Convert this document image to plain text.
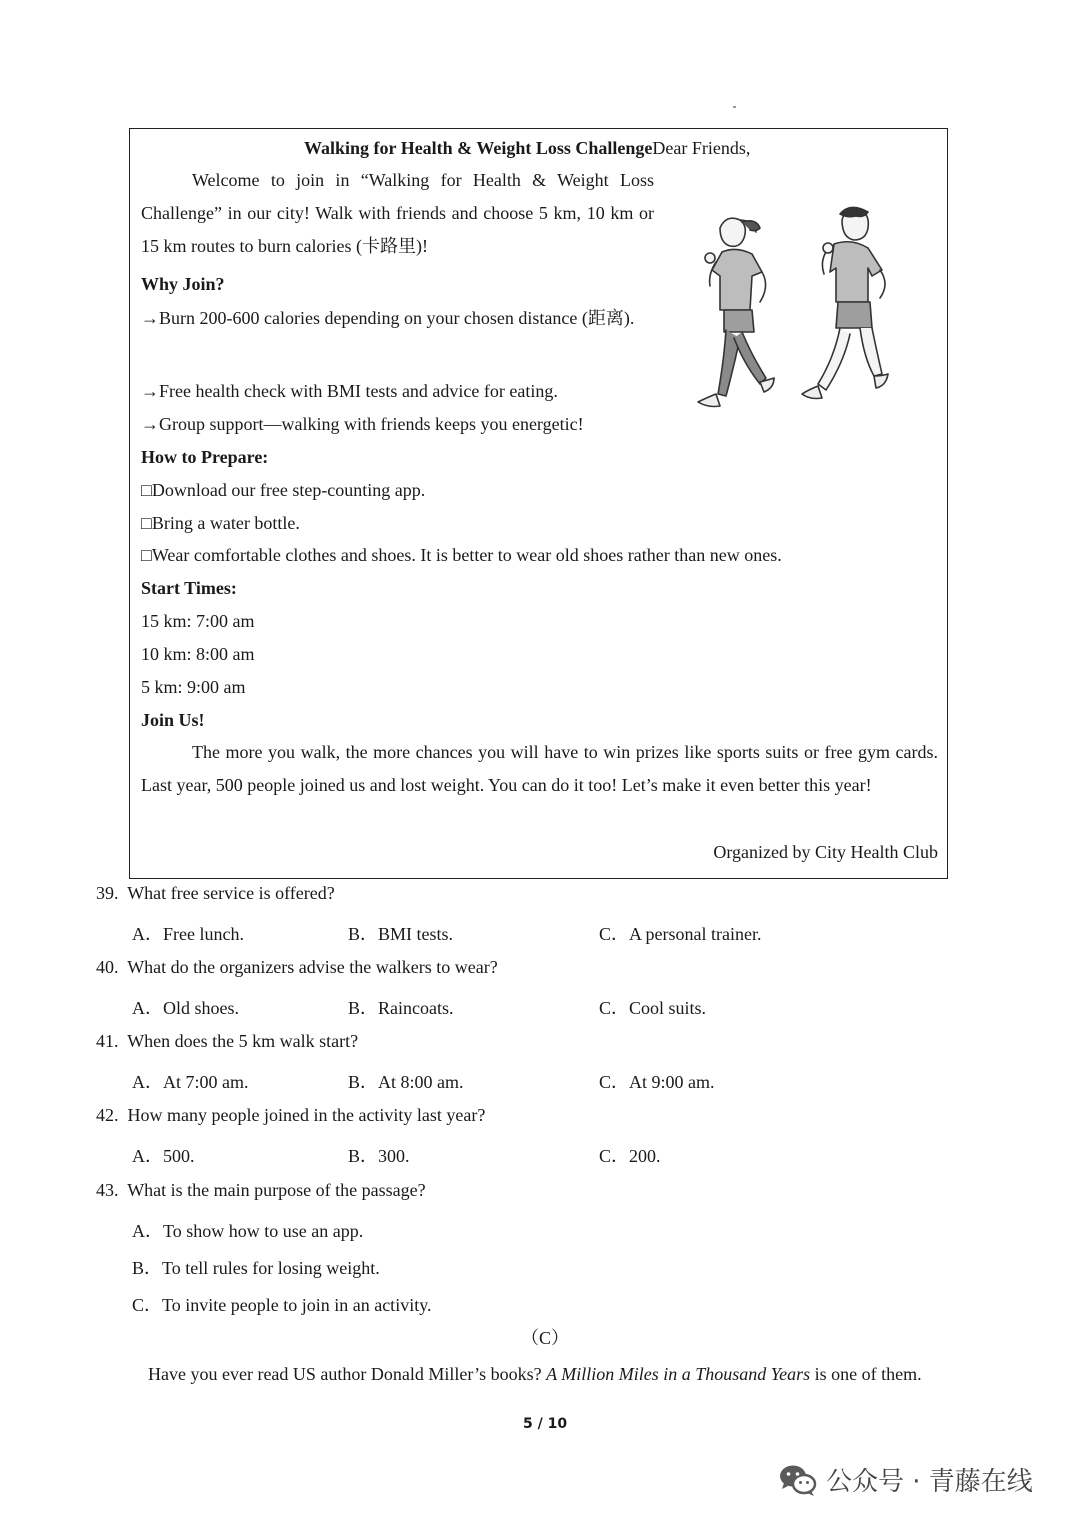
Walking for Health & Weight Loss ChallengeDear Friends,
Welcome to join in “Walking for Health & Weight Loss Challenge” in our city! Walk with friends and choose 5 km, 10 km or 15 km routes to burn calories (卡路里)!
Why Join?
→Burn 200-600 calories depending on your chosen distance (距离).
→Free health check with BMI tests and advice for eating.
→Group support—walking with friends keeps you energetic!
How to Prepare:
□Download our free step-counting app.
□Bring a water bottle.
□Wear comfortable clothes and shoes. It is better to wear old shoes rather than new ones.
Start Times:
15 km: 7:00 am
10 km: 8:00 am
5 km: 9:00 am
Join Us!
The more you walk, the more chances you will have to win prizes like sports suits or free gym cards. Last year, 500 people joined us and lost weight. You can do it too! Let’s make it even better this year!
Organized by City Health Club
39. What free service is offered?
A．Free lunch.	B．BMI tests.	C．A personal trainer.
40. What do the organizers advise the walkers to wear?
A．Old shoes.	B．Raincoats.	C．Cool suits.
41. When does the 5 km walk start?
A．At 7:00 am.	B．At 8:00 am.	C．At 9:00 am.
42. How many people joined in the activity last year?
A．500.	B．300.	C．200.
43. What is the main purpose of the passage?
A．To show how to use an app.
B．To tell rules for losing weight.
C．To invite people to join in an activity.
（C）
Have you ever read US author Donald Miller’s books? A Million Miles in a Thousand Years is one of them.
5 / 10
公众号 · 青藤在线
